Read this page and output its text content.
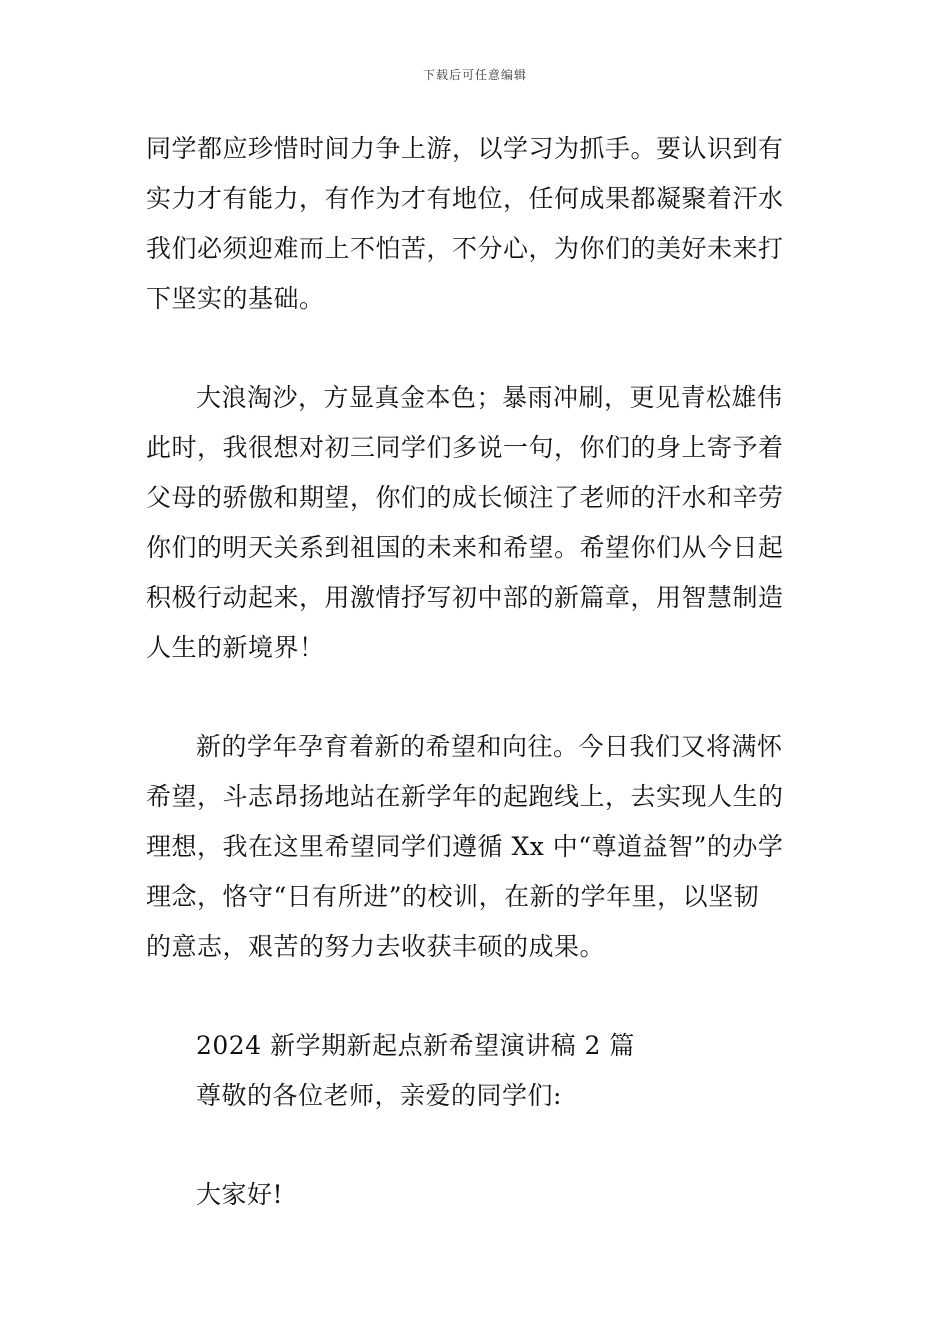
下载后可任意编辑
同学都应珍惜时间力争上游，以学习为抓手。要认识到有
实力才有能力，有作为才有地位，任何成果都凝聚着汗水
我们必须迎难而上不怕苦，不分心，为你们的美好未来打
下坚实的基础。
大浪淘沙，方显真金本色；暴雨冲刷，更见青松雄伟
此时，我很想对初三同学们多说一句，你们的身上寄予着
父母的骄傲和期望，你们的成长倾注了老师的汗水和辛劳
你们的明天关系到祖国的未来和希望。希望你们从今日起
积极行动起来，用激情抒写初中部的新篇章，用智慧制造
人生的新境界！
新的学年孕育着新的希望和向往。今日我们又将满怀
希望，斗志昂扬地站在新学年的起跑线上，去实现人生的
理想，我在这里希望同学们遵循 Xx 中“尊道益智”的办学
理念，恪守“日有所进”的校训，在新的学年里，以坚韧
的意志，艰苦的努力去收获丰硕的成果。
2024 新学期新起点新希望演讲稿 2 篇
尊敬的各位老师，亲爱的同学们:
大家好!
